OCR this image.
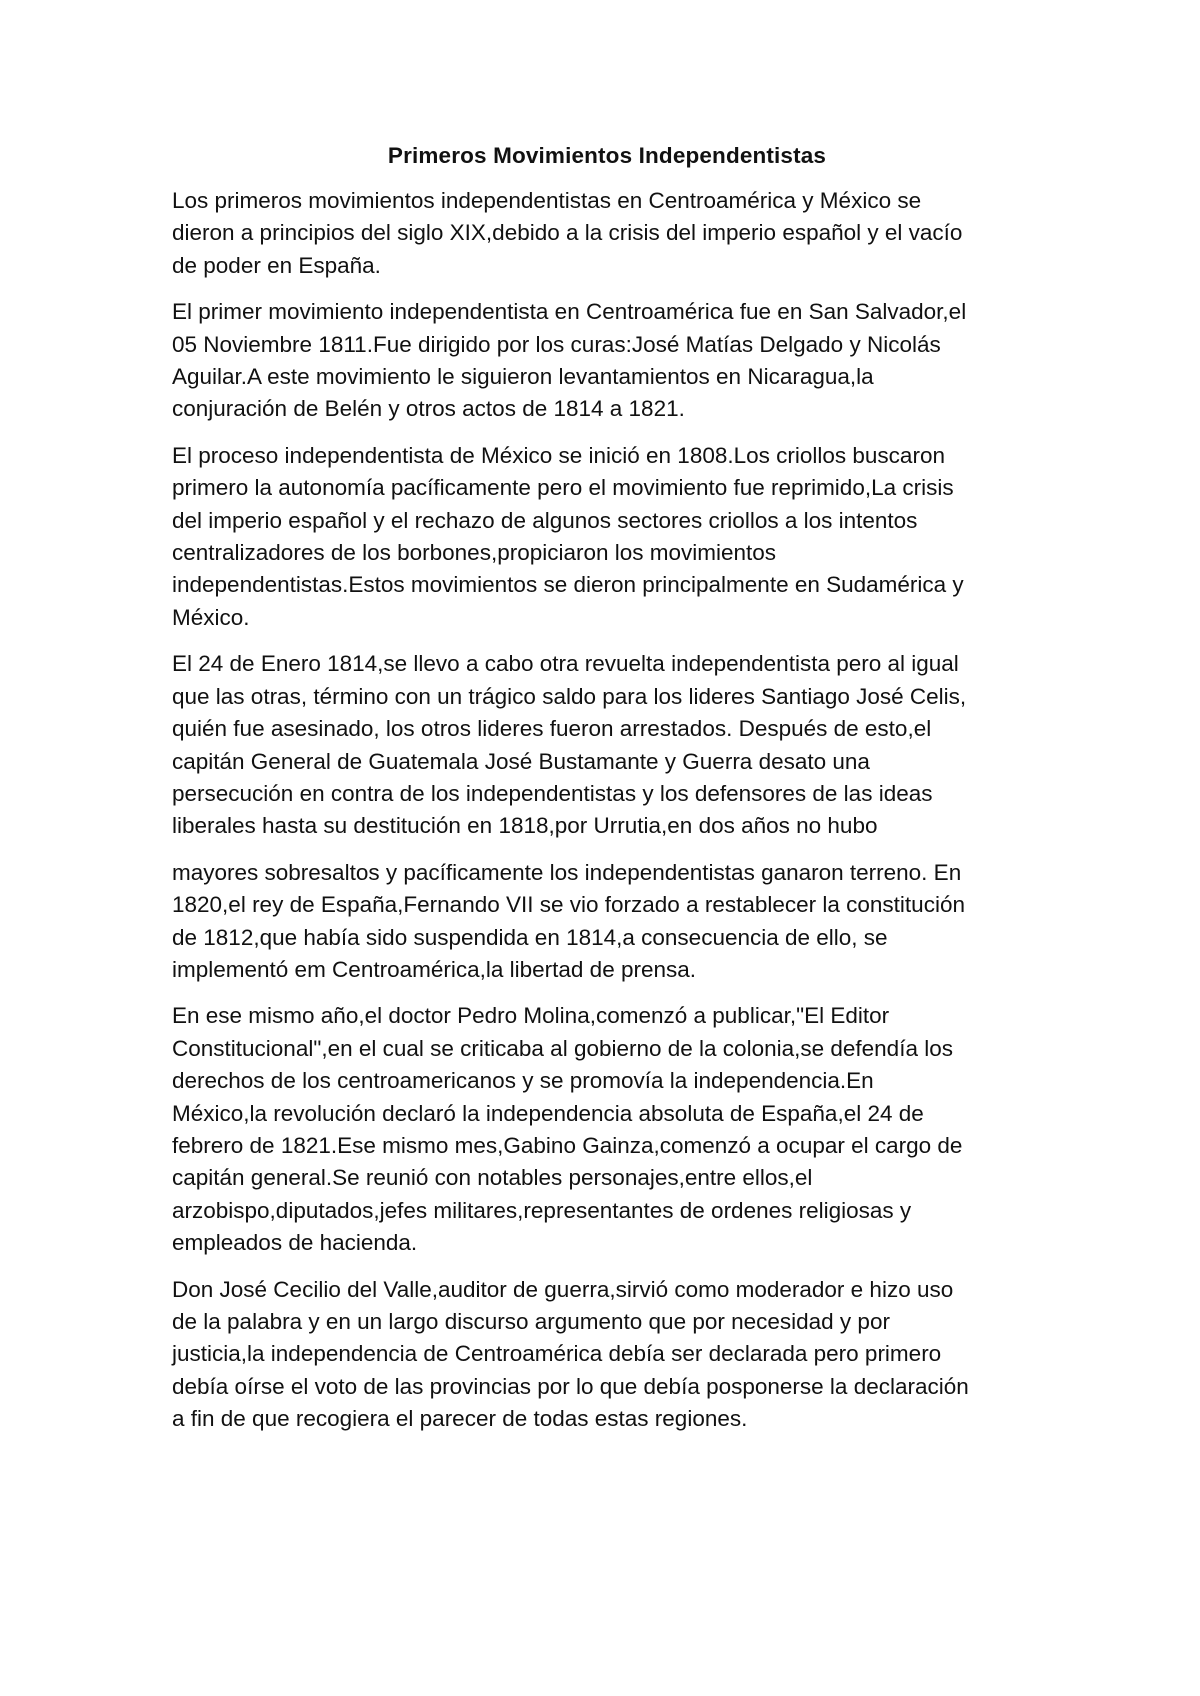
Primeros Movimientos Independentistas

Los primeros movimientos independentistas en Centroamérica y México se
dieron a principios del siglo XIX,debido a la crisis del imperio español y el vacío
de poder en España.

El primer movimiento independentista en Centroamérica fue en San Salvador,el
05 Noviembre 1811.Fue dirigido por los curas:José Matías Delgado y Nicolás
Aguilar.A este movimiento le siguieron levantamientos en Nicaragua,la
conjuración de Belén y otros actos de 1814 a 1821.

El proceso independentista de México se inició en 1808.Los criollos buscaron
primero la autonomía pacíficamente pero el movimiento fue reprimido,La crisis
del imperio español y el rechazo de algunos sectores criollos a los intentos
centralizadores de los borbones,propiciaron los movimientos
independentistas.Estos movimientos se dieron principalmente en Sudamérica y
México.

El 24 de Enero 1814,se llevo a cabo otra revuelta independentista pero al igual
que las otras, término con un trágico saldo para los lideres Santiago José Celis,
quién fue asesinado, los otros lideres fueron arrestados. Después de esto,el
capitán General de Guatemala José Bustamante y Guerra desato una
persecución en contra de los independentistas y los defensores de las ideas
liberales hasta su destitución en 1818,por Urrutia,en dos años no hubo

mayores sobresaltos y pacíficamente los independentistas ganaron terreno. En
1820,el rey de España,Fernando VII se vio forzado a restablecer la constitución
de 1812,que había sido suspendida en 1814,a consecuencia de ello, se
implementó em Centroamérica,la libertad de prensa.

En ese mismo año,el doctor Pedro Molina,comenzó a publicar,"El Editor
Constitucional",en el cual se criticaba al gobierno de la colonia,se defendía los
derechos de los centroamericanos y se promovía la independencia.En
México,la revolución declaró la independencia absoluta de España,el 24 de
febrero de 1821.Ese mismo mes,Gabino Gainza,comenzó a ocupar el cargo de
capitán general.Se reunió con notables personajes,entre ellos,el
arzobispo,diputados,jefes militares,representantes de ordenes religiosas y
empleados de hacienda.

Don José Cecilio del Valle,auditor de guerra,sirvió como moderador e hizo uso
de la palabra y en un largo discurso argumento que por necesidad y por
justicia,la independencia de Centroamérica debía ser declarada pero primero
debía oírse el voto de las provincias por lo que debía posponerse la declaración
a fin de que recogiera el parecer de todas estas regiones.
